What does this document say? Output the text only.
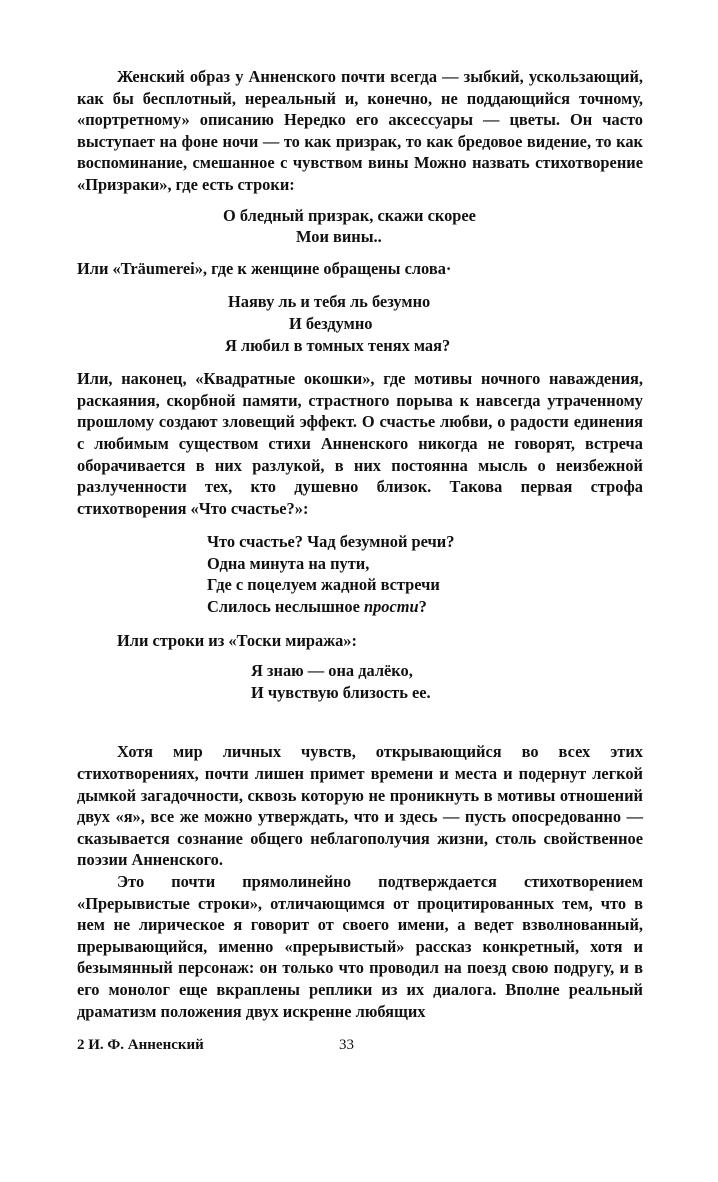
Женский образ у Анненского почти всегда — зыбкий, ускользающий, как бы бесплотный, нереальный и, конечно, не поддающийся точному, «портретному» описанию Нередко его аксессуары — цветы. Он часто выступает на фоне ночи — то как призрак, то как бредовое видение, то как воспоминание, смешанное с чувством вины Можно назвать стихотворение «Призраки», где есть строки:

О бледный призрак, скажи скорее
Мои вины..

Или «Träumerei», где к женщине обращены слова·

Наяву ль и тебя ль безумно
И бездумно
Я любил в томных тенях мая?

Или, наконец, «Квадратные окошки», где мотивы ночного наваждения, раскаяния, скорбной памяти, страстного порыва к навсегда утраченному прошлому создают зловещий эффект. О счастье любви, о радости единения с любимым существом стихи Анненского никогда не говорят, встреча оборачивается в них разлукой, в них постоянна мысль о неизбежной разлученности тех, кто душевно близок. Такова первая строфа стихотворения «Что счастье?»:

Что счастье? Чад безумной речи?
Одна минута на пути,
Где с поцелуем жадной встречи
Слилось неслышное прости?

Или строки из «Тоски миража»:

Я знаю — она далёко,
И чувствую близость ее.

Хотя мир личных чувств, открывающийся во всех этих стихотворениях, почти лишен примет времени и места и подернут легкой дымкой загадочности, сквозь которую не проникнуть в мотивы отношений двух «я», все же можно утверждать, что и здесь — пусть опосредованно — сказывается сознание общего неблагополучия жизни, столь свойственное поэзии Анненского.

Это почти прямолинейно подтверждается стихотворением «Прерывистые строки», отличающимся от процитированных тем, что в нем не лирическое я говорит от своего имени, а ведет взволнованный, прерывающийся, именно «прерывистый» рассказ конкретный, хотя и безымянный персонаж: он только что проводил на поезд свою подругу, и в его монолог еще вкраплены реплики из их диалога. Вполне реальный драматизм положения двух искренне любящих

2 И. Ф. Анненский	33
